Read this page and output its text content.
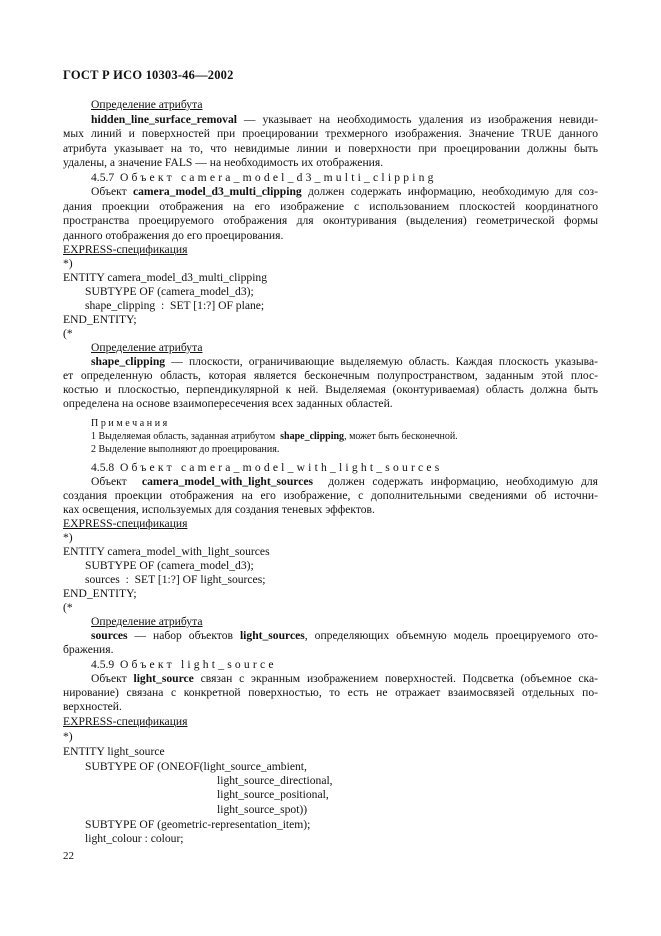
ГОСТ Р ИСО 10303-46—2002
Определение атрибута
hidden_line_surface_removal — указывает на необходимость удаления из изображения невиди-
мых линий и поверхностей при проецировании трехмерного изображения. Значение TRUE данного
атрибута указывает на то, что невидимые линии и поверхности при проецировании должны быть
удалены, а значение FALS — на необходимость их отображения.
4.5.7 Объект camera_model_d3_multi_clipping
Объект camera_model_d3_multi_clipping должен содержать информацию, необходимую для соз-
дания проекции отображения на его изображение с использованием плоскостей координатного
пространства проецируемого отображения для оконтуривания (выделения) геометрической формы
данного отображения до его проецирования.
EXPRESS-спецификация
*)
ENTITY camera_model_d3_multi_clipping
SUBTYPE OF (camera_model_d3);
shape_clipping  :  SET [1:?] OF plane;
END_ENTITY;
(*
Определение атрибута
shape_clipping — плоскости, ограничивающие выделяемую область. Каждая плоскость указыва-
ет определенную область, которая является бесконечным полупространством, заданным этой плос-
костью и плоскостью, перпендикулярной к ней. Выделяемая (оконтуриваемая) область должна быть
определена на основе взаимопересечения всех заданных областей.
Примечания
1 Выделяемая область, заданная атрибутом  shape_clipping, может быть бесконечной.
2 Выделение выполняют до проецирования.
4.5.8 Объект camera_model_with_light_sources
Объект  camera_model_with_light_sources  должен содержать информацию, необходимую для
создания проекции отображения на его изображение, с дополнительными сведениями об источни-
ках освещения, используемых для создания теневых эффектов.
EXPRESS-спецификация
*)
ENTITY camera_model_with_light_sources
SUBTYPE OF (camera_model_d3);
sources  :  SET [1:?] OF light_sources;
END_ENTITY;
(*
Определение атрибута
sources — набор объектов light_sources, определяющих объемную модель проецируемого ото-
бражения.
4.5.9 Объект light_source
Объект light_source связан с экранным изображением поверхностей. Подсветка (объемное ска-
нирование) связана с конкретной поверхностью, то есть не отражает взаимосвязей отдельных по-
верхностей.
EXPRESS-спецификация
*)
ENTITY light_source
SUBTYPE OF (ONEOF(light_source_ambient,
light_source_directional,
light_source_positional,
light_source_spot))
SUBTYPE OF (geometric-representation_item);
light_colour : colour;
22
